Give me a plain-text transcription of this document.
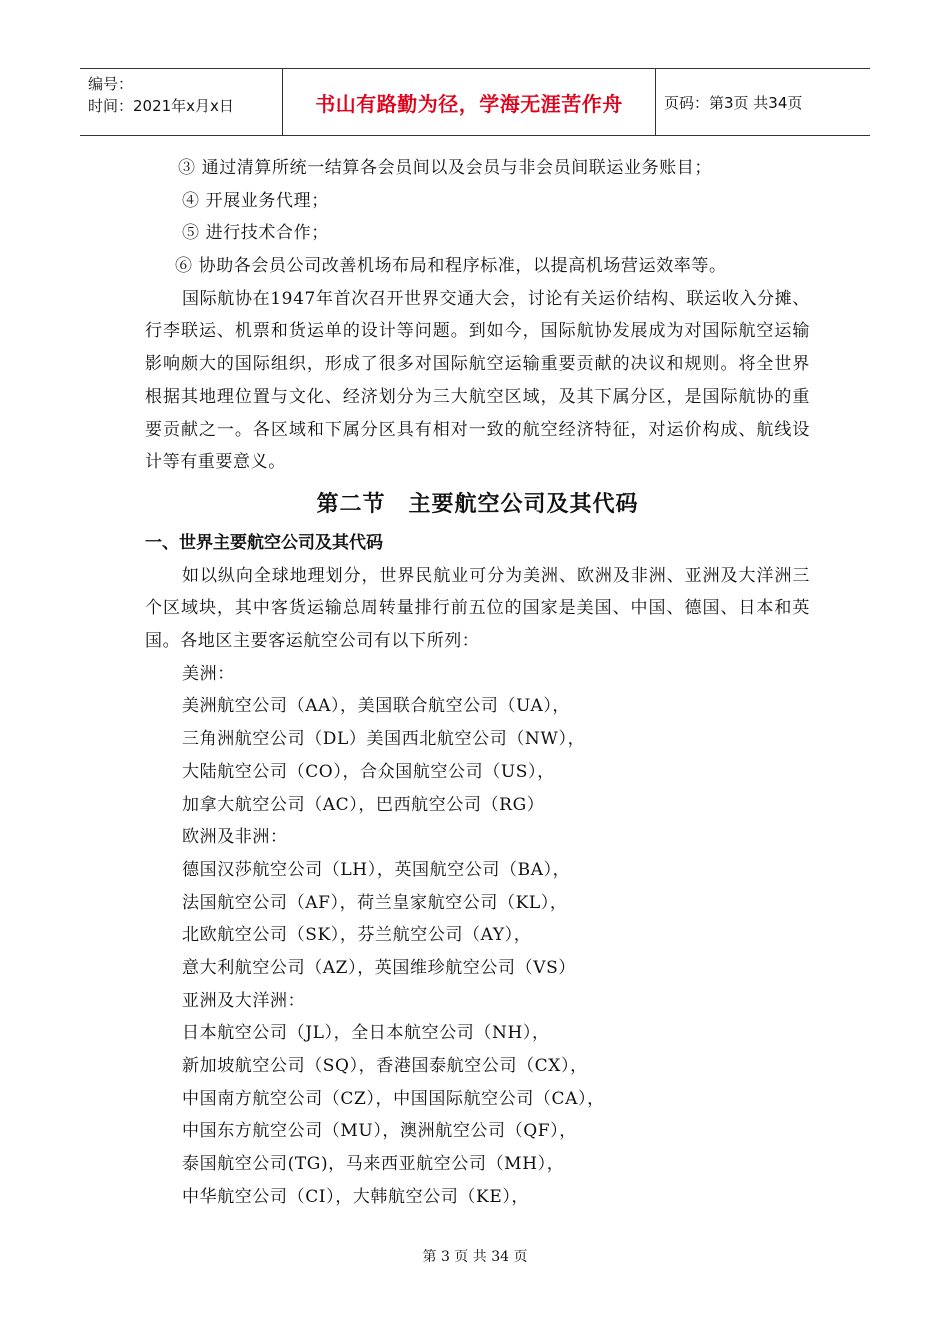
编号：
时间：2021年x月x日	书山有路勤为径，学海无涯苦作舟	页码：第3页 共34页
③ 通过清算所统一结算各会员间以及会员与非会员间联运业务账目；
④ 开展业务代理；
⑤ 进行技术合作；
⑥ 协助各会员公司改善机场布局和程序标准，以提高机场营运效率等。
国际航协在1947年首次召开世界交通大会，讨论有关运价结构、联运收入分摊、行李联运、机票和货运单的设计等问题。到如今，国际航协发展成为对国际航空运输影响颇大的国际组织，形成了很多对国际航空运输重要贡献的决议和规则。将全世界根据其地理位置与文化、经济划分为三大航空区域，及其下属分区，是国际航协的重要贡献之一。各区域和下属分区具有相对一致的航空经济特征，对运价构成、航线设计等有重要意义。
第二节　主要航空公司及其代码
一、世界主要航空公司及其代码
如以纵向全球地理划分，世界民航业可分为美洲、欧洲及非洲、亚洲及大洋洲三个区域块，其中客货运输总周转量排行前五位的国家是美国、中国、德国、日本和英国。各地区主要客运航空公司有以下所列：
美洲：
美洲航空公司（AA），美国联合航空公司（UA），
三角洲航空公司（DL）美国西北航空公司（NW），
大陆航空公司（CO），合众国航空公司（US），
加拿大航空公司（AC），巴西航空公司（RG）
欧洲及非洲：
德国汉莎航空公司（LH），英国航空公司（BA），
法国航空公司（AF），荷兰皇家航空公司（KL），
北欧航空公司（SK），芬兰航空公司（AY），
意大利航空公司（AZ），英国维珍航空公司（VS）
亚洲及大洋洲：
日本航空公司（JL），全日本航空公司（NH），
新加坡航空公司（SQ），香港国泰航空公司（CX），
中国南方航空公司（CZ），中国国际航空公司（CA），
中国东方航空公司（MU），澳洲航空公司（QF），
泰国航空公司(TG)，马来西亚航空公司（MH），
中华航空公司（CI），大韩航空公司（KE），
第 3 页 共 34 页
